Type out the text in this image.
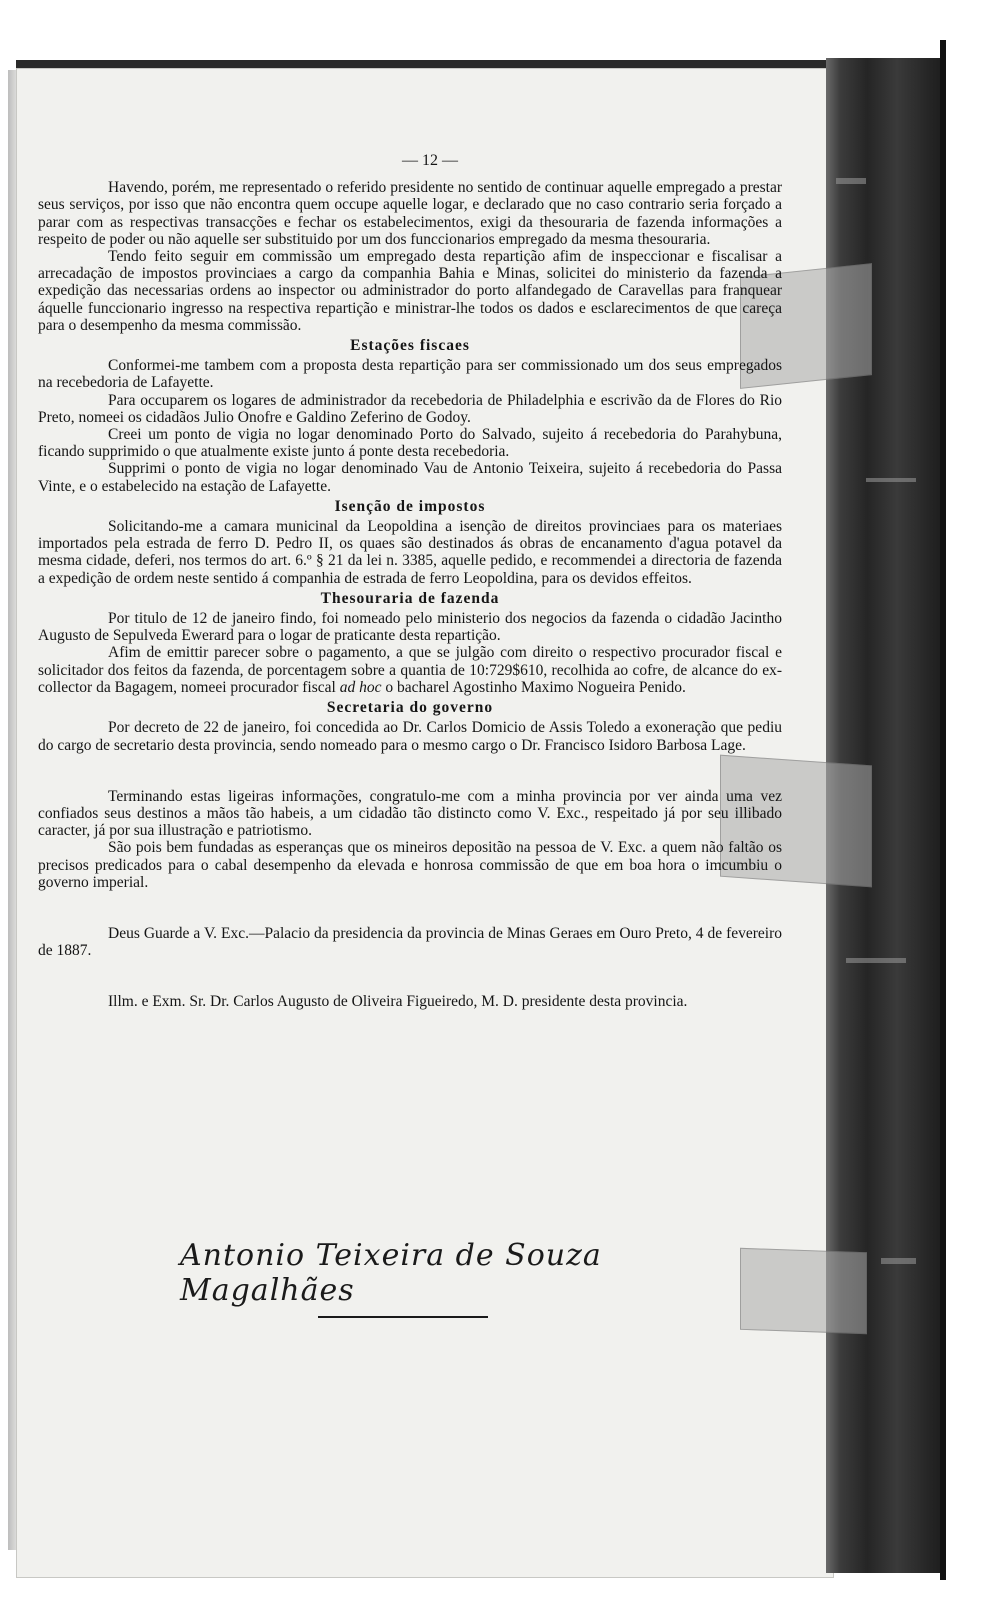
— 12 —

Havendo, porém, me representado o referido presidente no sentido de continuar aquelle empregado a prestar seus serviços, por isso que não encontra quem occupe aquelle logar, e declarado que no caso contrario seria forçado a parar com as respectivas transacções e fechar os estabelecimentos, exigi da thesouraria de fazenda informações a respeito de poder ou não aquelle ser substituido por um dos funccionarios empregado da mesma thesouraria.

Tendo feito seguir em commissão um empregado desta repartição afim de inspeccionar e fiscalisar a arrecadação de impostos provinciaes a cargo da companhia Bahia e Minas, solicitei do ministerio da fazenda a expedição das necessarias ordens ao inspector ou administrador do porto alfandegado de Caravellas para franquear áquelle funccionario ingresso na respectiva repartição e ministrar-lhe todos os dados e esclarecimentos de que careça para o desempenho da mesma commissão.

Estações fiscaes

Conformei-me tambem com a proposta desta repartição para ser commissionado um dos seus empregados na recebedoria de Lafayette.

Para occuparem os logares de administrador da recebedoria de Philadelphia e escrivão da de Flores do Rio Preto, nomeei os cidadãos Julio Onofre e Galdino Zeferino de Godoy.

Creei um ponto de vigia no logar denominado Porto do Salvado, sujeito á recebedoria do Parahybuna, ficando supprimido o que atualmente existe junto á ponte desta recebedoria.

Supprimi o ponto de vigia no logar denominado Vau de Antonio Teixeira, sujeito á recebedoria do Passa Vinte, e o estabelecido na estação de Lafayette.

Isenção de impostos

Solicitando-me a camara municinal da Leopoldina a isenção de direitos provinciaes para os materiaes importados pela estrada de ferro D. Pedro II, os quaes são destinados ás obras de encanamento d'agua potavel da mesma cidade, deferi, nos termos do art. 6.º § 21 da lei n. 3385, aquelle pedido, e recommendei a directoria de fazenda a expedição de ordem neste sentido á companhia de estrada de ferro Leopoldina, para os devidos effeitos.

Thesouraria de fazenda

Por titulo de 12 de janeiro findo, foi nomeado pelo ministerio dos negocios da fazenda o cidadão Jacintho Augusto de Sepulveda Ewerard para o logar de praticante desta repartição.

Afim de emittir parecer sobre o pagamento, a que se julgão com direito o respectivo procurador fiscal e solicitador dos feitos da fazenda, de porcentagem sobre a quantia de 10:729$610, recolhida ao cofre, de alcance do ex-collector da Bagagem, nomeei procurador fiscal ad hoc o bacharel Agostinho Maximo Nogueira Penido.

Secretaria do governo

Por decreto de 22 de janeiro, foi concedida ao Dr. Carlos Domicio de Assis Toledo a exoneração que pediu do cargo de secretario desta provincia, sendo nomeado para o mesmo cargo o Dr. Francisco Isidoro Barbosa Lage.

Terminando estas ligeiras informações, congratulo-me com a minha provincia por ver ainda uma vez confiados seus destinos a mãos tão habeis, a um cidadão tão distincto como V. Exc., respeitado já por seu illibado caracter, já por sua illustração e patriotismo.

São pois bem fundadas as esperanças que os mineiros depositão na pessoa de V. Exc. a quem não faltão os precisos predicados para o cabal desempenho da elevada e honrosa commissão de que em boa hora o imcumbiu o governo imperial.

Deus Guarde a V. Exc.—Palacio da presidencia da provincia de Minas Geraes em Ouro Preto, 4 de fevereiro de 1887.

Illm. e Exm. Sr. Dr. Carlos Augusto de Oliveira Figueiredo, M. D. presidente desta provincia.

Antonio Teixeira de Souza Magalhães
